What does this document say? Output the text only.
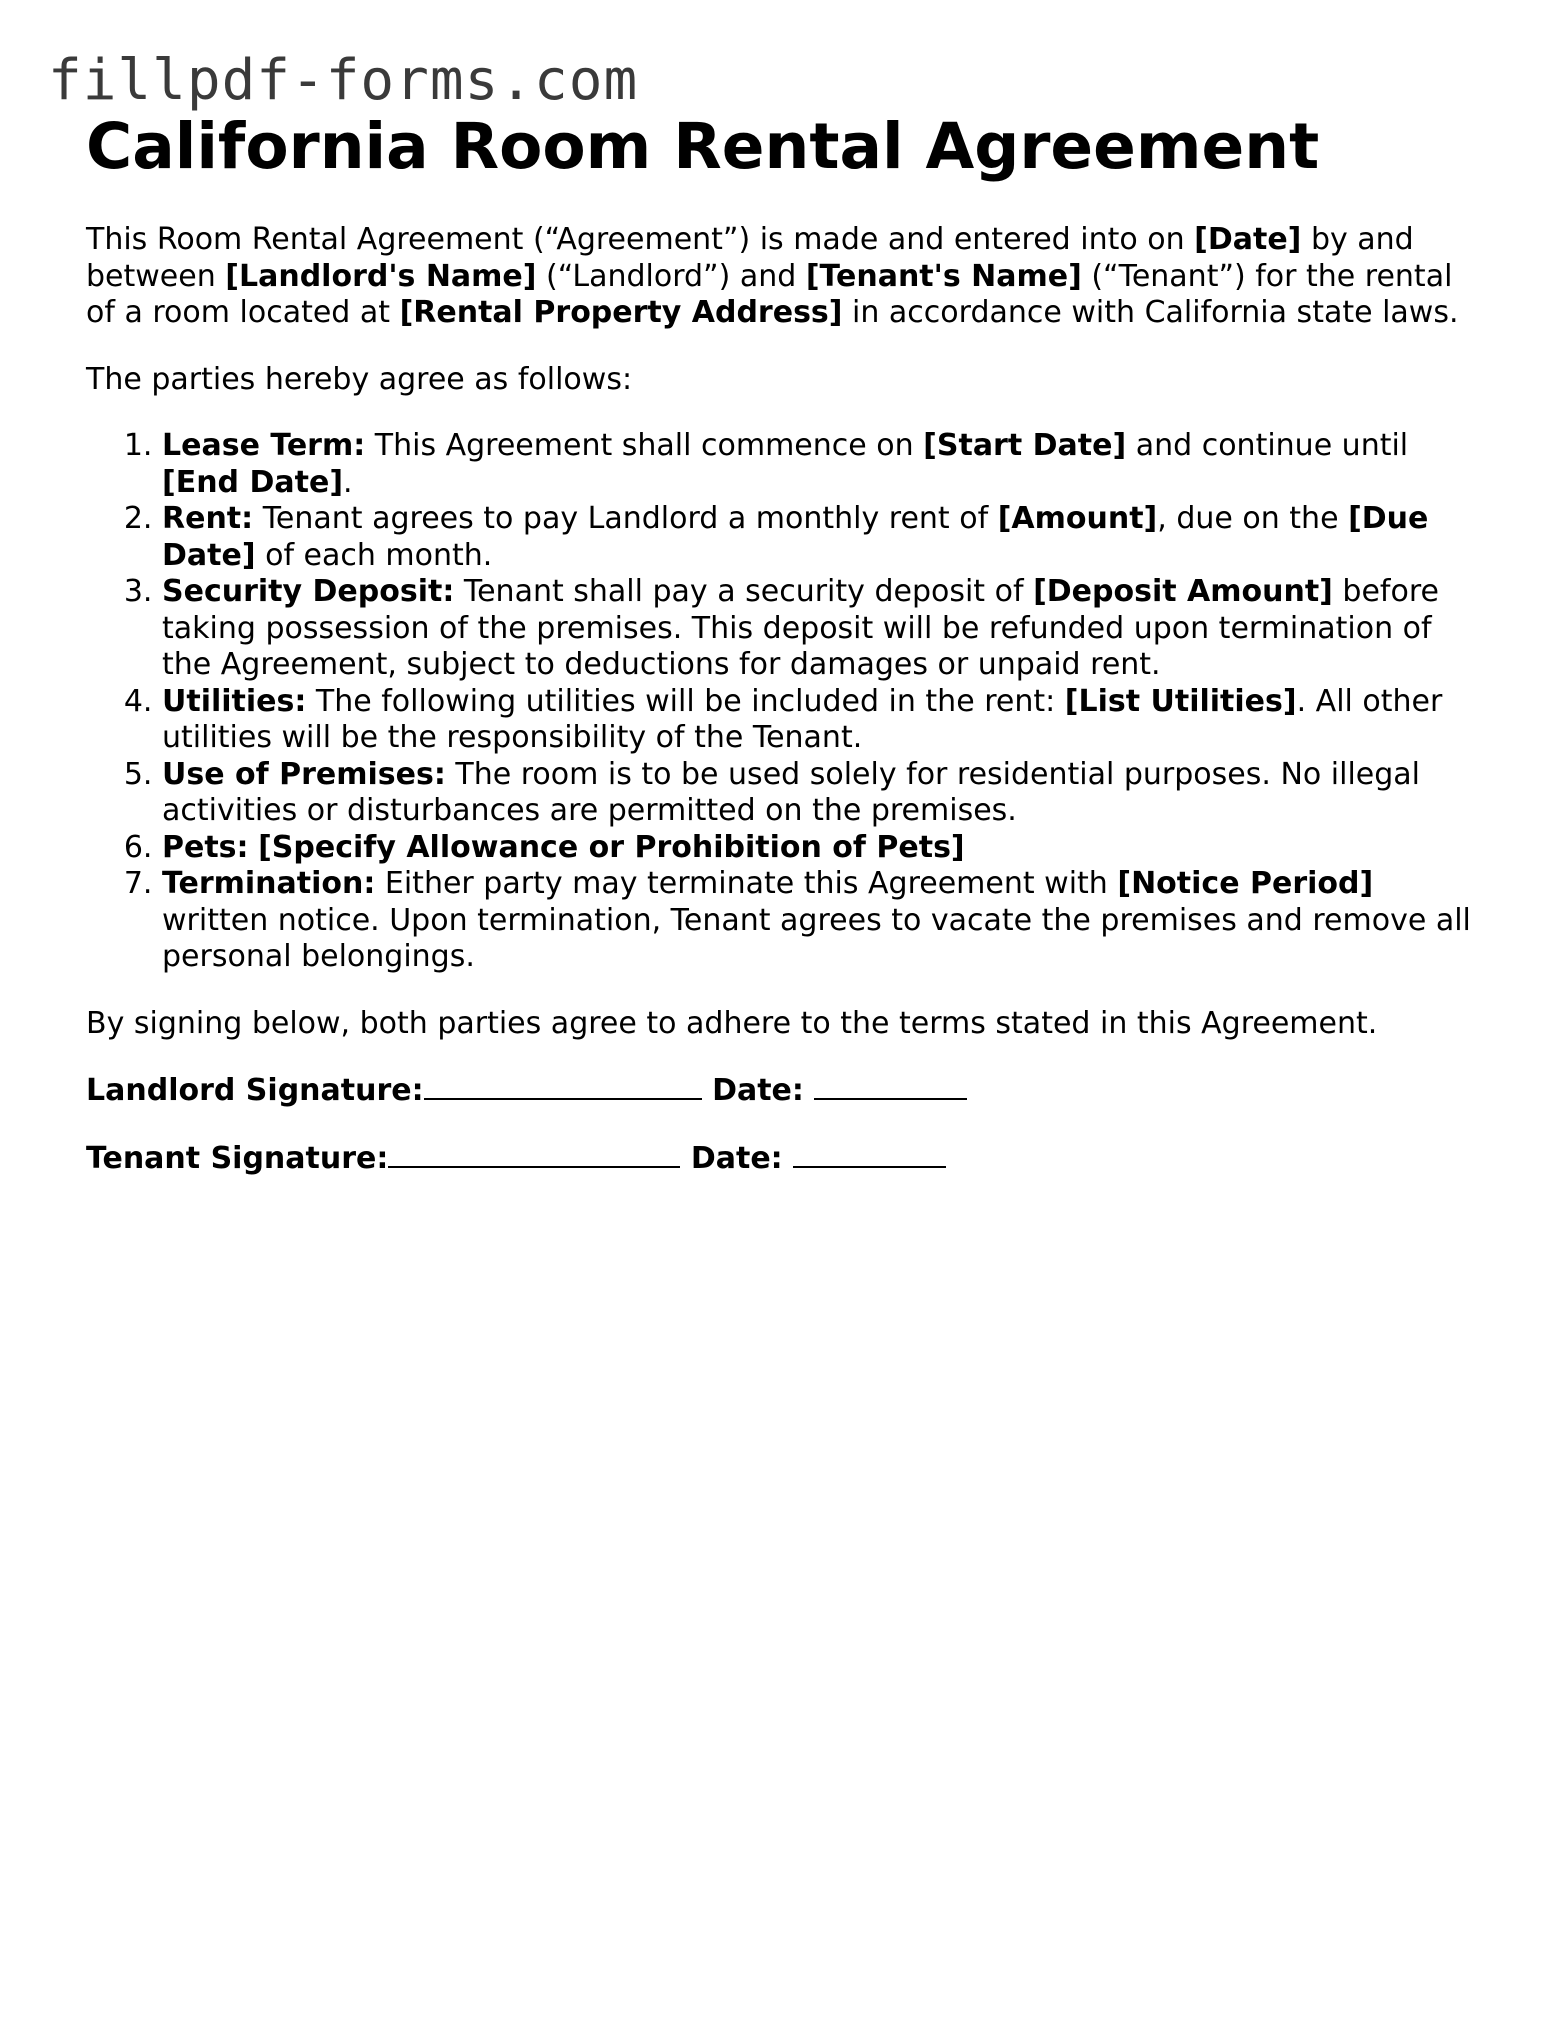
fillpdf-forms.com
California Room Rental Agreement

This Room Rental Agreement (“Agreement”) is made and entered into on [Date] by and between [Landlord's Name] (“Landlord”) and [Tenant's Name] (“Tenant”) for the rental of a room located at [Rental Property Address] in accordance with California state laws.

The parties hereby agree as follows:

1. Lease Term: This Agreement shall commence on [Start Date] and continue until [End Date].
2. Rent: Tenant agrees to pay Landlord a monthly rent of [Amount], due on the [Due Date] of each month.
3. Security Deposit: Tenant shall pay a security deposit of [Deposit Amount] before taking possession of the premises. This deposit will be refunded upon termination of the Agreement, subject to deductions for damages or unpaid rent.
4. Utilities: The following utilities will be included in the rent: [List Utilities]. All other utilities will be the responsibility of the Tenant.
5. Use of Premises: The room is to be used solely for residential purposes. No illegal activities or disturbances are permitted on the premises.
6. Pets: [Specify Allowance or Prohibition of Pets]
7. Termination: Either party may terminate this Agreement with [Notice Period] written notice. Upon termination, Tenant agrees to vacate the premises and remove all personal belongings.

By signing below, both parties agree to adhere to the terms stated in this Agreement.

Landlord Signature:	Date:

Tenant Signature:	Date:
